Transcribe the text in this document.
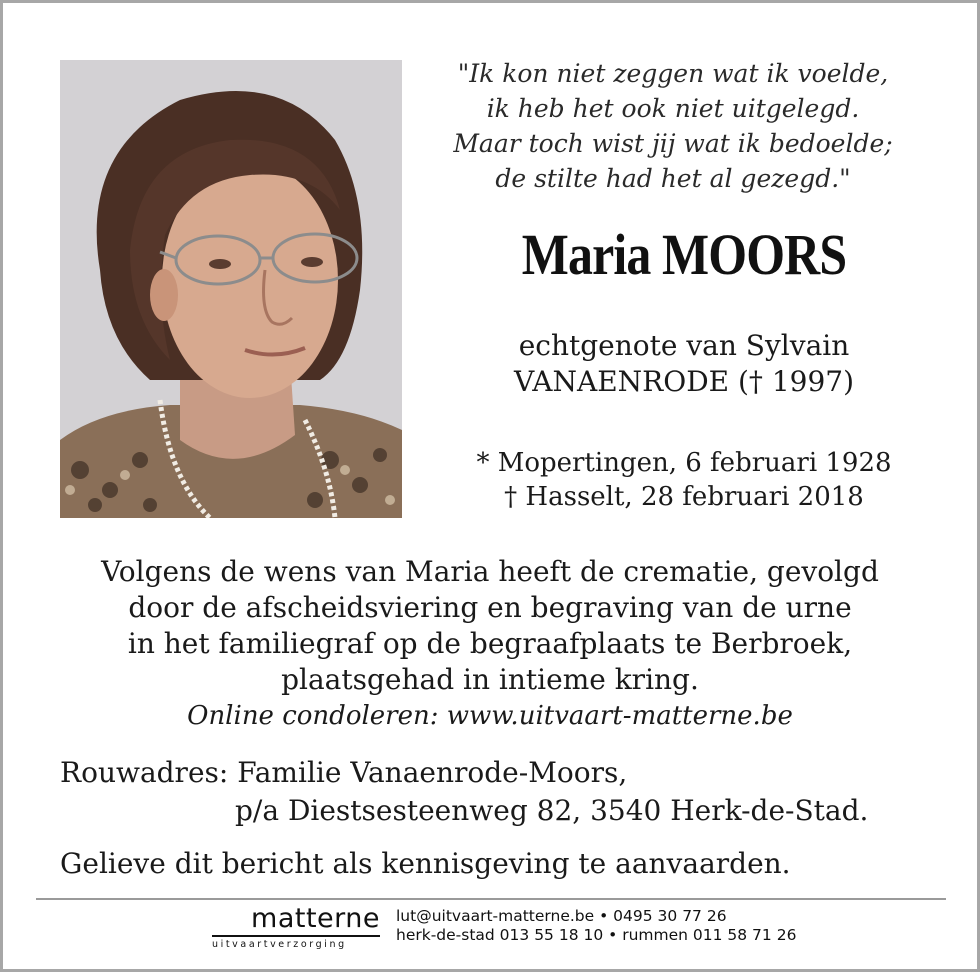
"Ik kon niet zeggen wat ik voelde,
ik heb het ook niet uitgelegd.
Maar toch wist jij wat ik bedoelde;
de stilte had het al gezegd."
Maria MOORS
echtgenote van Sylvain
VANAENRODE († 1997)
* Mopertingen, 6 februari 1928
† Hasselt, 28 februari 2018
Volgens de wens van Maria heeft de crematie, gevolgd
door de afscheidsviering en begraving van de urne
in het familiegraf op de begraafplaats te Berbroek,
plaatsgehad in intieme kring.
Online condoleren: www.uitvaart-matterne.be
Rouwadres: Familie Vanaenrode-Moors,
p/a Diestsesteenweg 82, 3540 Herk-de-Stad.
Gelieve dit bericht als kennisgeving te aanvaarden.
matterne
uitvaartverzorging
lut@uitvaart-matterne.be • 0495 30 77 26
herk-de-stad 013 55 18 10 • rummen 011 58 71 26
